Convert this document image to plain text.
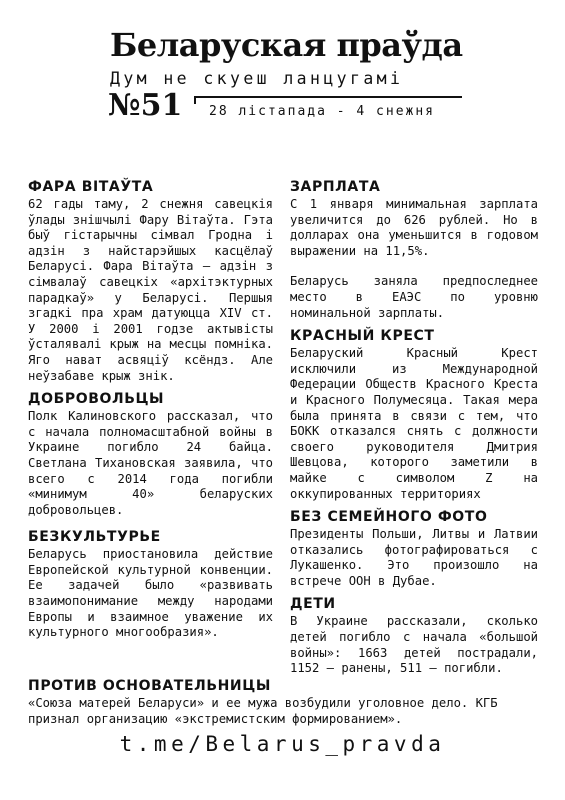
Беларуская праўда
Дум не скуеш ланцугамі
№51 28 лістапада - 4 снежня
ФАРА ВІТАЎТА

62 гады таму, 2 снежня савецкія ўлады знішчылі Фару Вітаўта. Гэта быў гістарычны сімвал Гродна і адзін з найстарэйшых касцёлаў Беларусі. Фара Вітаўта — адзін з сімвалаў савецкіх «архітэктурных парадкаў» у Беларусі. Першыя згадкі пра храм датуюцца XIV ст. У 2000 і 2001 годзе актывісты ўсталявалі крыж на месцы помніка. Яго нават асвяціў ксёндз. Але неўзабаве крыж знік.

ДОБРОВОЛЬЦЫ

Полк Калиновского рассказал, что с начала полномасштабной войны в Украине погибло 24 байца. Светлана Тихановская заявила, что всего с 2014 года погибли «минимум 40» беларуских добровольцев.

БЕЗКУЛЬТУРЬЕ

Беларусь приостановила действие Европейской культурной конвенции. Ее задачей было «развивать взаимопонимание между народами Европы и взаимное уважение их культурного многообразия».

ЗАРПЛАТА

С 1 января минимальная зарплата увеличится до 626 рублей. Но в долларах она уменьшится в годовом выражении на 11,5%.

Беларусь заняла предпоследнее место в ЕАЭС по уровню номинальной зарплаты.

КРАСНЫЙ КРЕСТ

Беларуский Красный Крест исключили из Международной Федерации Обществ Красного Креста и Красного Полумесяца. Такая мера была принята в связи с тем, что БОКК отказался снять с должности своего руководителя Дмитрия Шевцова, которого заметили в майке с символом Z на оккупированных территориях

БЕЗ СЕМЕЙНОГО ФОТО

Президенты Польши, Литвы и Латвии отказались фотографироваться с Лукашенко. Это произошло на встрече ООН в Дубае.

ДЕТИ

В Украине рассказали, сколько детей погибло с начала «большой войны»: 1663 детей пострадали, 1152 — ранены, 511 — погибли.

ПРОТИВ ОСНОВАТЕЛЬНИЦЫ

«Союза матерей Беларуси» и ее мужа возбудили уголовное дело. КГБ признал организацию «экстремистским формированием».

t.me/Belarus_pravda
